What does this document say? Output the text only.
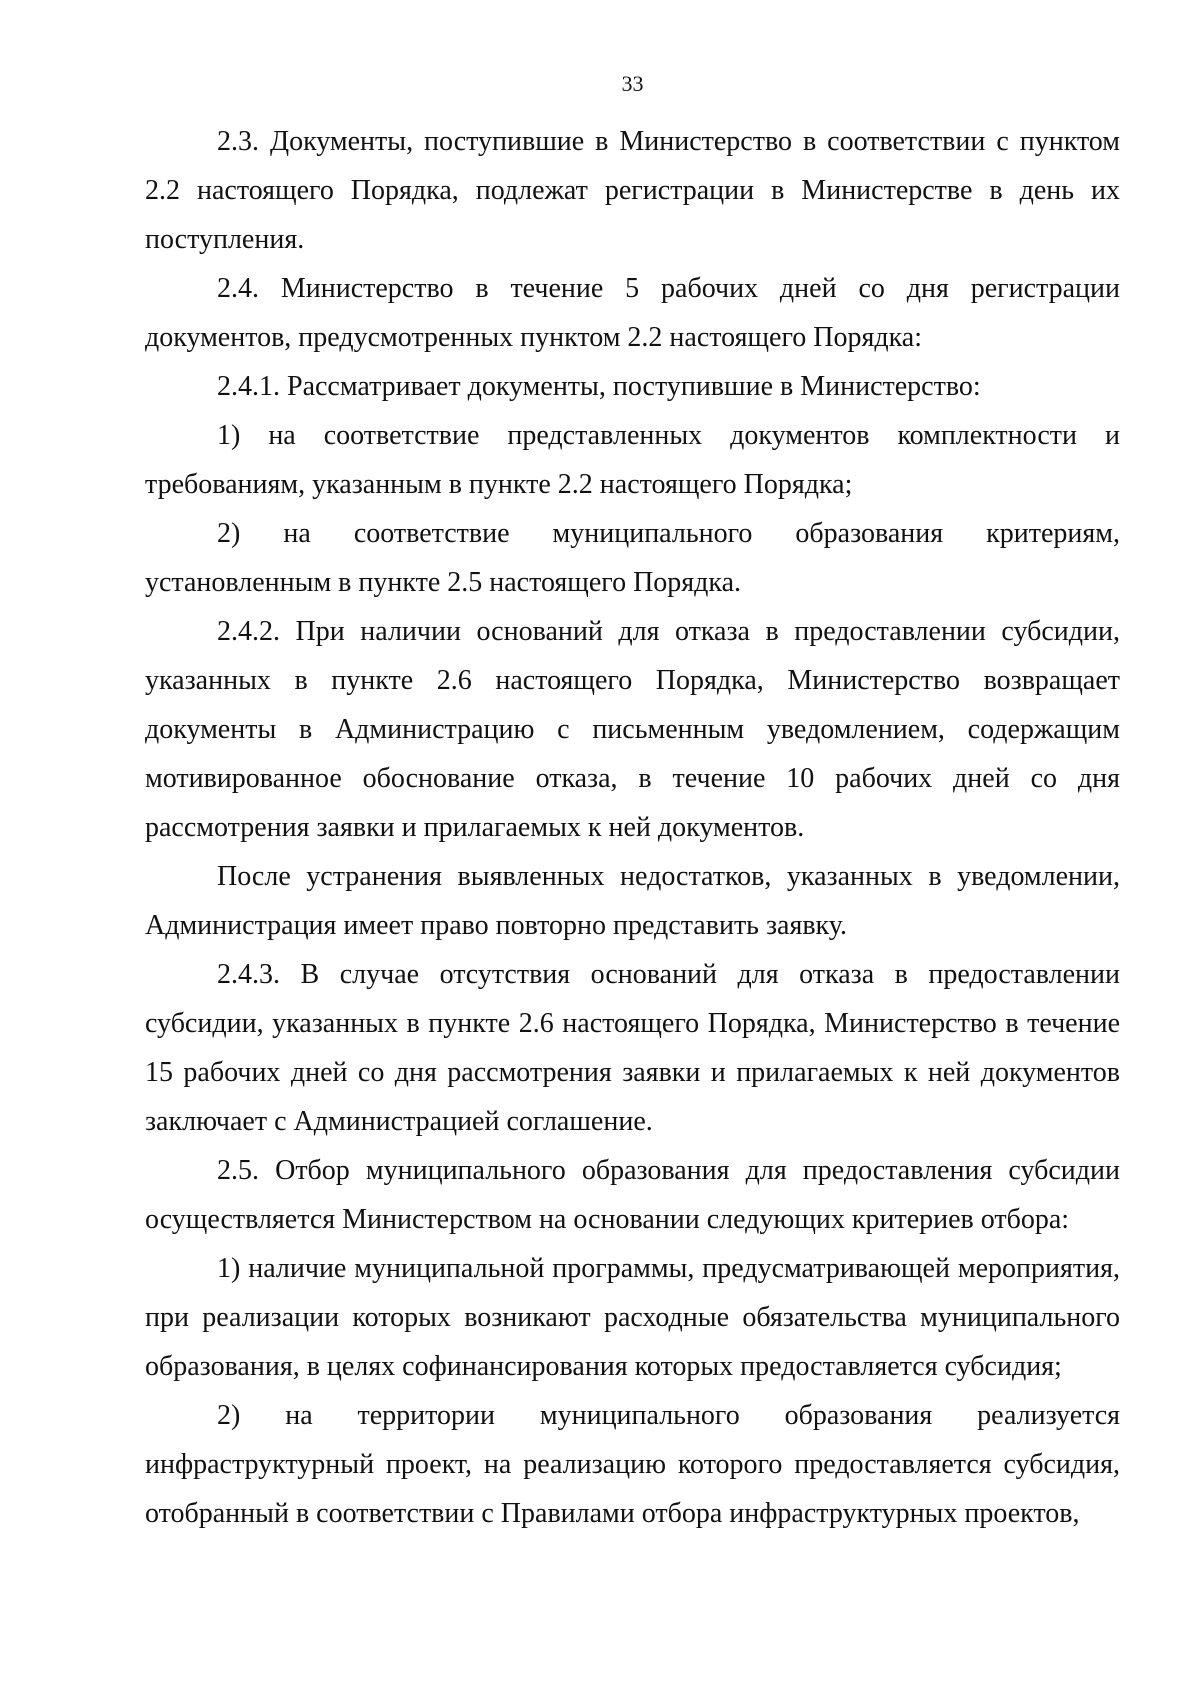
33

2.3. Документы, поступившие в Министерство в соответствии с пунктом 2.2 настоящего Порядка, подлежат регистрации в Министерстве в день их поступления.

2.4. Министерство в течение 5 рабочих дней со дня регистрации документов, предусмотренных пунктом 2.2 настоящего Порядка:

2.4.1. Рассматривает документы, поступившие в Министерство:

1) на соответствие представленных документов комплектности и требованиям, указанным в пункте 2.2 настоящего Порядка;

2) на соответствие муниципального образования критериям, установленным в пункте 2.5 настоящего Порядка.

2.4.2. При наличии оснований для отказа в предоставлении субсидии, указанных в пункте 2.6 настоящего Порядка, Министерство возвращает документы в Администрацию с письменным уведомлением, содержащим мотивированное обоснование отказа, в течение 10 рабочих дней со дня рассмотрения заявки и прилагаемых к ней документов.

После устранения выявленных недостатков, указанных в уведомлении, Администрация имеет право повторно представить заявку.

2.4.3. В случае отсутствия оснований для отказа в предоставлении субсидии, указанных в пункте 2.6 настоящего Порядка, Министерство в течение 15 рабочих дней со дня рассмотрения заявки и прилагаемых к ней документов заключает с Администрацией соглашение.

2.5. Отбор муниципального образования для предоставления субсидии осуществляется Министерством на основании следующих критериев отбора:

1) наличие муниципальной программы, предусматривающей мероприятия, при реализации которых возникают расходные обязательства муниципального образования, в целях софинансирования которых предоставляется субсидия;

2) на территории муниципального образования реализуется инфраструктурный проект, на реализацию которого предоставляется субсидия, отобранный в соответствии с Правилами отбора инфраструктурных проектов,
